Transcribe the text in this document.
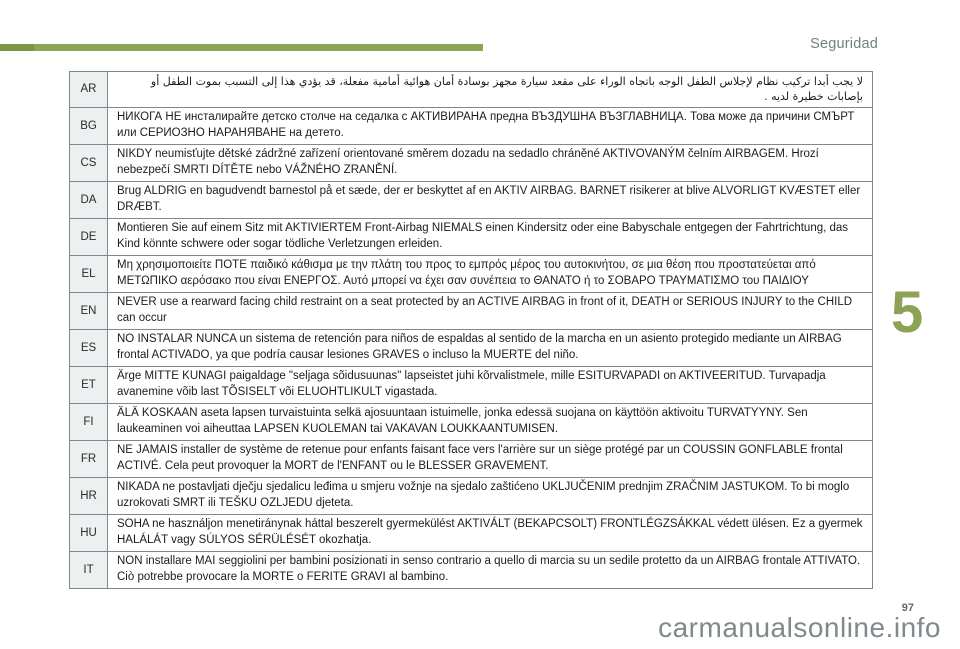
Seguridad
AR	لا يجب أبدا تركيب نظام لإجلاس الطفل الوجه باتجاه الوراء على مقعد سيارة مجهز بوسادة أمان هوائية أمامية مفعلة، قد يؤدي هذا إلى التسبب بموت الطفل أو بإصابات خطيرة لديه .
BG	НИКОГА НЕ инсталирайте детско столче на седалка с АКТИВИРАНА предна ВЪЗДУШНА ВЪЗГЛАВНИЦА. Това може да причини СМЪРТ или СЕРИОЗНО НАРАНЯВАНЕ на детето.
CS	NIKDY neumisťujte dětské zádržné zařízení orientované směrem dozadu na sedadlo chráněné AKTIVOVANÝM čelním AIRBAGEM. Hrozí nebezpečí SMRTI DÍTĚTE nebo VÁŽNÉHO ZRANĚNÍ.
DA	Brug ALDRIG en bagudvendt barnestol på et sæde, der er beskyttet af en AKTIV AIRBAG. BARNET risikerer at blive ALVORLIGT KVÆSTET eller DRÆBT.
DE	Montieren Sie auf einem Sitz mit AKTIVIERTEM Front-Airbag NIEMALS einen Kindersitz oder eine Babyschale entgegen der Fahrtrichtung, das Kind könnte schwere oder sogar tödliche Verletzungen erleiden.
EL	Μη χρησιμοποιείτε ΠΟΤΕ παιδικό κάθισμα με την πλάτη του προς το εμπρός μέρος του αυτοκινήτου, σε μια θέση που προστατεύεται από ΜΕΤΩΠΙΚΟ αερόσακο που είναι ΕΝΕΡΓΟΣ. Αυτό μπορεί να έχει σαν συνέπεια το ΘΑΝΑΤΟ ή το ΣΟΒΑΡΟ ΤΡΑΥΜΑΤΙΣΜΟ του ΠΑΙΔΙΟΥ
EN	NEVER use a rearward facing child restraint on a seat protected by an ACTIVE AIRBAG in front of it, DEATH or SERIOUS INJURY to the CHILD can occur
ES	NO INSTALAR NUNCA un sistema de retención para niños de espaldas al sentido de la marcha en un asiento protegido mediante un AIRBAG frontal ACTIVADO, ya que podría causar lesiones GRAVES o incluso la MUERTE del niño.
ET	Ärge MITTE KUNAGI paigaldage "seljaga sõidusuunas" lapseistet juhi kõrvalistmele, mille ESITURVAPADI on AKTIVEERITUD. Turvapadja avanemine võib last TÕSISELT või ELUOHTLIKULT vigastada.
FI	ÄLÄ KOSKAAN aseta lapsen turvaistuinta selkä ajosuuntaan istuimelle, jonka edessä suojana on käyttöön aktivoitu TURVATYYNY. Sen laukeaminen voi aiheuttaa LAPSEN KUOLEMAN tai VAKAVAN LOUKKAANTUMISEN.
FR	NE JAMAIS installer de système de retenue pour enfants faisant face vers l'arrière sur un siège protégé par un COUSSIN GONFLABLE frontal ACTIVÉ. Cela peut provoquer la MORT de l'ENFANT ou le BLESSER GRAVEMENT.
HR	NIKADA ne postavljati dječju sjedalicu leđima u smjeru vožnje na sjedalo zaštićeno UKLJUČENIM prednjim ZRAČNIM JASTUKOM. To bi moglo uzrokovati SMRT ili TEŠKU OZLJEDU djeteta.
HU	SOHA ne használjon menetiránynak háttal beszerelt gyermekülést AKTIVÁLT (BEKAPCSOLT) FRONTLÉGZSÁKKAL védett ülésen. Ez a gyermek HALÁLÁT vagy SÚLYOS SÉRÜLÉSÉT okozhatja.
IT	NON installare MAI seggiolini per bambini posizionati in senso contrario a quello di marcia su un sedile protetto da un AIRBAG frontale ATTIVATO. Ciò potrebbe provocare la MORTE o FERITE GRAVI al bambino.
5
97
carmanualsonline.info
